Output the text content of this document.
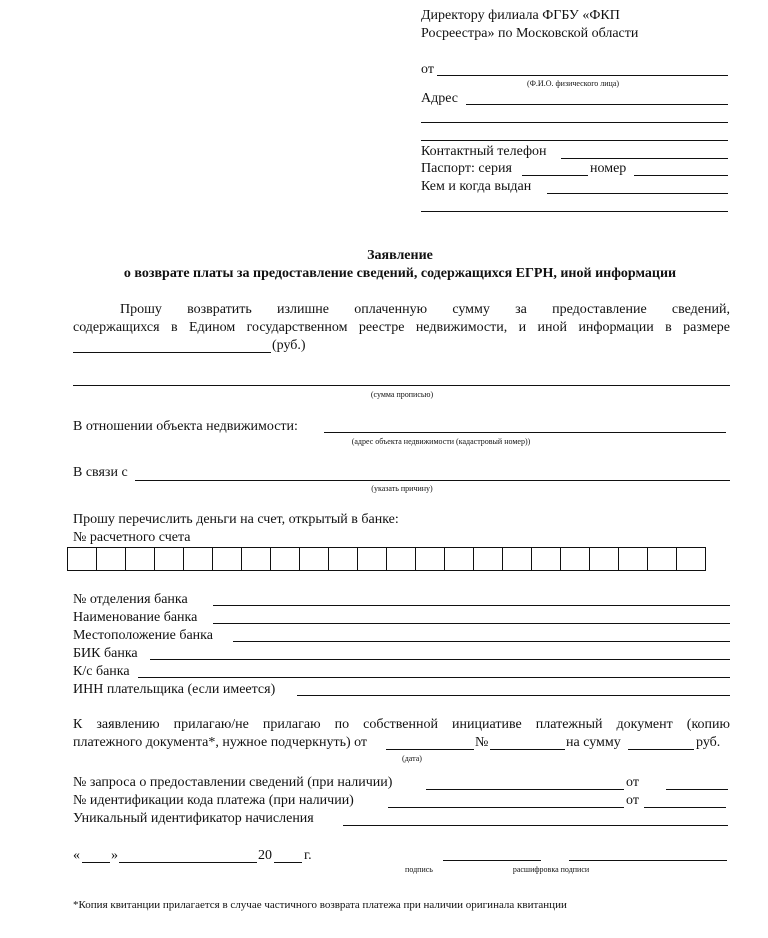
Директору филиала ФГБУ «ФКП
Росреестра» по Московской области
от
(Ф.И.О. физического лица)
Адрес
Контактный телефон
Паспорт: серия	номер
Кем и когда выдан
Заявление
о возврате платы за предоставление сведений, содержащихся ЕГРН, иной информации
Прошу возвратить излишне оплаченную сумму за предоставление сведений,
содержащихся в Едином государственном реестре недвижимости, и иной информации в размере
(руб.)
(сумма прописью)
В отношении объекта недвижимости:
(адрес объекта недвижимости (кадастровый номер))
В связи с
(указать причину)
Прошу перечислить деньги на счет, открытый в банке:
№ расчетного счета
№ отделения банка
Наименование банка
Местоположение банка
БИК банка
К/с банка
ИНН плательщика (если имеется)
К заявлению прилагаю/не прилагаю по собственной инициативе платежный документ (копию
платежного документа*, нужное подчеркнуть) от	№	на сумму	руб.
(дата)
№ запроса о предоставлении сведений (при наличии)	от
№ идентификации кода платежа (при наличии)	от
Уникальный идентификатор начисления
« »	20 г.
подпись	расшифровка подписи
*Копия квитанции прилагается в случае частичного возврата платежа при наличии оригинала квитанции
